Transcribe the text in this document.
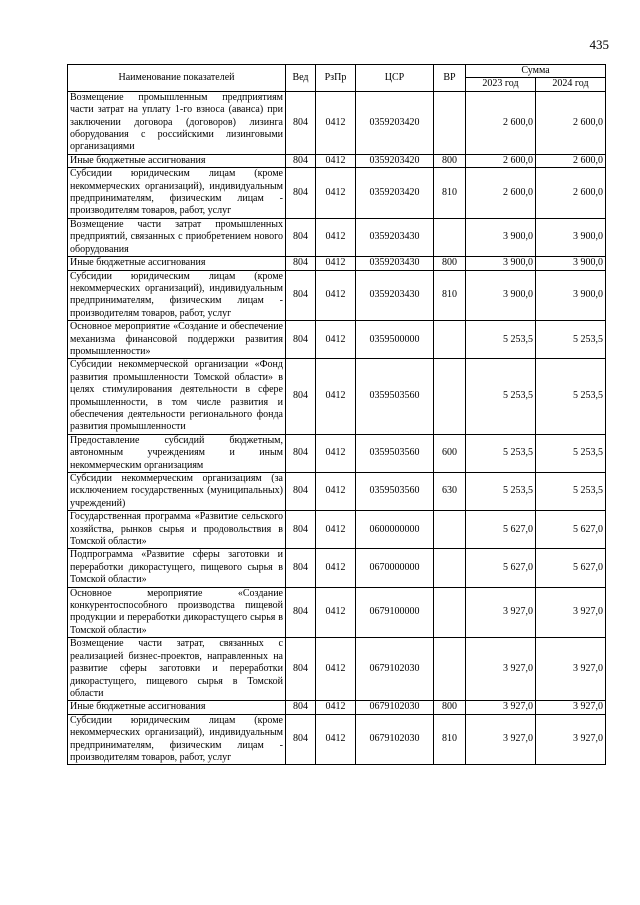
435
Наименование показателей	Вед	РзПр	ЦСР	ВР	Сумма	
					2023 год	2024 год
Возмещение промышленным предприятиям части затрат на уплату 1-го взноса (аванса) при заключении договора (договоров) лизинга оборудования с российскими лизинговыми организациями	804	0412	0359203420		2 600,0	2 600,0
Иные бюджетные ассигнования	804	0412	0359203420	800	2 600,0	2 600,0
Субсидии юридическим лицам (кроме некоммерческих организаций), индивидуальным предпринимателям, физическим лицам - производителям товаров, работ, услуг	804	0412	0359203420	810	2 600,0	2 600,0
Возмещение части затрат промышленных предприятий, связанных с приобретением нового оборудования	804	0412	0359203430		3 900,0	3 900,0
Иные бюджетные ассигнования	804	0412	0359203430	800	3 900,0	3 900,0
Субсидии юридическим лицам (кроме некоммерческих организаций), индивидуальным предпринимателям, физическим лицам - производителям товаров, работ, услуг	804	0412	0359203430	810	3 900,0	3 900,0
Основное мероприятие «Создание и обеспечение механизма финансовой поддержки развития промышленности»	804	0412	0359500000		5 253,5	5 253,5
Субсидии некоммерческой организации «Фонд развития промышленности Томской области» в целях стимулирования деятельности в сфере промышленности, в том числе развития и обеспечения деятельности регионального фонда развития промышленности	804	0412	0359503560		5 253,5	5 253,5
Предоставление субсидий бюджетным, автономным учреждениям и иным некоммерческим организациям	804	0412	0359503560	600	5 253,5	5 253,5
Субсидии некоммерческим организациям (за исключением государственных (муниципальных) учреждений)	804	0412	0359503560	630	5 253,5	5 253,5
Государственная программа «Развитие сельского хозяйства, рынков сырья и продовольствия в Томской области»	804	0412	0600000000		5 627,0	5 627,0
Подпрограмма «Развитие сферы заготовки и переработки дикорастущего, пищевого сырья в Томской области»	804	0412	0670000000		5 627,0	5 627,0
Основное мероприятие «Создание конкурентоспособного производства пищевой продукции и переработки дикорастущего сырья в Томской области»	804	0412	0679100000		3 927,0	3 927,0
Возмещение части затрат, связанных с реализацией бизнес-проектов, направленных на развитие сферы заготовки и переработки дикорастущего, пищевого сырья в Томской области	804	0412	0679102030		3 927,0	3 927,0
Иные бюджетные ассигнования	804	0412	0679102030	800	3 927,0	3 927,0
Субсидии юридическим лицам (кроме некоммерческих организаций), индивидуальным предпринимателям, физическим лицам - производителям товаров, работ, услуг	804	0412	0679102030	810	3 927,0	3 927,0
